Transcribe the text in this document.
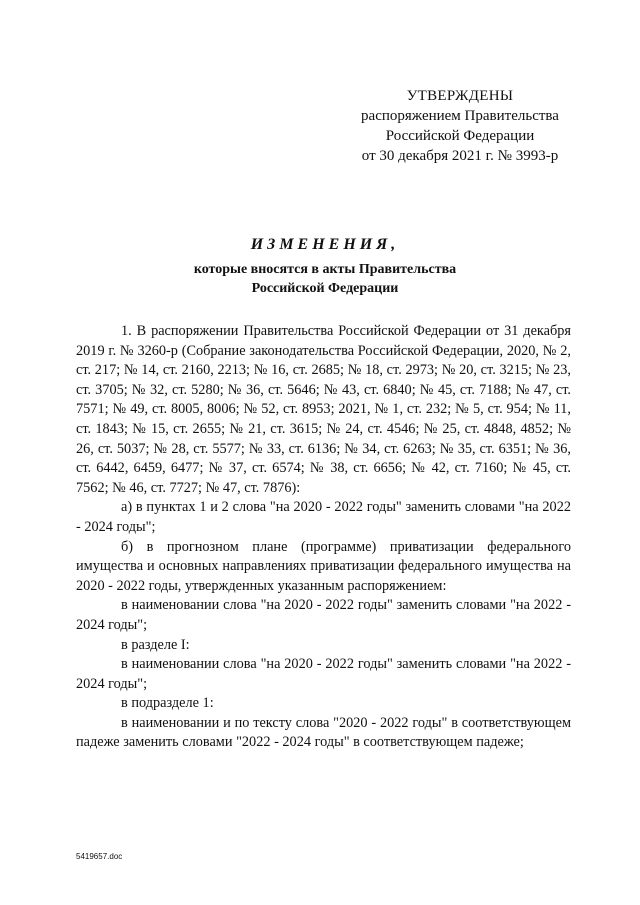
УТВЕРЖДЕНЫ
распоряжением Правительства
Российской Федерации
от 30 декабря 2021 г. № 3993-р
ИЗМЕНЕНИЯ,
которые вносятся в акты Правительства
Российской Федерации

1. В распоряжении Правительства Российской Федерации от 31 декабря 2019 г. № 3260-р (Собрание законодательства Российской Федерации, 2020, № 2, ст. 217; № 14, ст. 2160, 2213; № 16, ст. 2685; № 18, ст. 2973; № 20, ст. 3215; № 23, ст. 3705; № 32, ст. 5280; № 36, ст. 5646; № 43, ст. 6840; № 45, ст. 7188; № 47, ст. 7571; № 49, ст. 8005, 8006; № 52, ст. 8953; 2021, № 1, ст. 232; № 5, ст. 954; № 11, ст. 1843; № 15, ст. 2655; № 21, ст. 3615; № 24, ст. 4546; № 25, ст. 4848, 4852; № 26, ст. 5037; № 28, ст. 5577; № 33, ст. 6136; № 34, ст. 6263; № 35, ст. 6351; № 36, ст. 6442, 6459, 6477; № 37, ст. 6574; № 38, ст. 6656; № 42, ст. 7160; № 45, ст. 7562; № 46, ст. 7727; № 47, ст. 7876):

а) в пунктах 1 и 2 слова "на 2020 - 2022 годы" заменить словами "на 2022 - 2024 годы";

б) в прогнозном плане (программе) приватизации федерального имущества и основных направлениях приватизации федерального имущества на 2020 - 2022 годы, утвержденных указанным распоряжением:

в наименовании слова "на 2020 - 2022 годы" заменить словами "на 2022 - 2024 годы";

в разделе I:

в наименовании слова "на 2020 - 2022 годы" заменить словами "на 2022 - 2024 годы";

в подразделе 1:

в наименовании и по тексту слова "2020 - 2022 годы" в соответствующем падеже заменить словами "2022 - 2024 годы" в соответствующем падеже;

5419657.doc
